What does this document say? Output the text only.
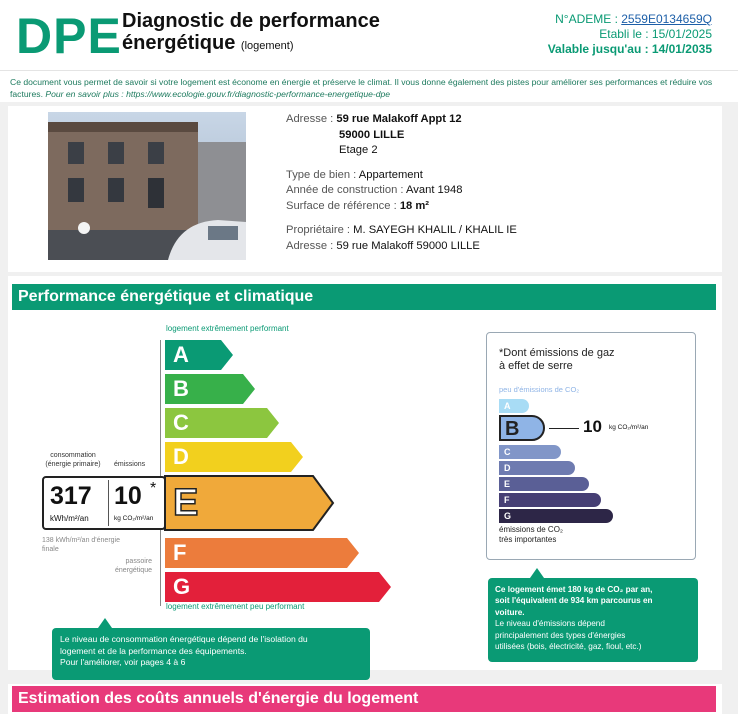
DPE Diagnostic de performance
énergétique (logement)
N°ADEME : 2559E0134659Q
Etabli le : 15/01/2025
Valable jusqu'au : 14/01/2035
Ce document vous permet de savoir si votre logement est économe en énergie et préserve le climat. Il vous donne également des pistes pour améliorer ses performances et réduire vos factures. Pour en savoir plus : https://www.ecologie.gouv.fr/diagnostic-performance-energetique-dpe
Adresse : 59 rue Malakoff Appt 12
59000 LILLE
Etage 2
Type de bien : Appartement
Année de construction : Avant 1948
Surface de référence : 18 m²
Propriétaire : M. SAYEGH KHALIL / KHALIL IE
Adresse : 59 rue Malakoff 59000 LILLE
Performance énergétique et climatique
logement extrêmement performant
A
B
C
D
E
F
G
consommation
(énergie primaire)	émissions
317
kWh/m²/an
10 *
kg CO₂/m²/an
138 kWh/m²/an d'énergie finale
passoire énergétique
logement extrêmement peu performant
Le niveau de consommation énergétique dépend de l'isolation du
logement et de la performance des équipements.
Pour l'améliorer, voir pages 4 à 6
*Dont émissions de gaz
à effet de serre
peu d'émissions de CO₂
A
B	10 kg CO₂/m²/an
C
D
E
F
G
émissions de CO₂
très importantes
Ce logement émet 180 kg de CO₂ par an,
soit l'équivalent de 934 km parcourus en
voiture.
Le niveau d'émissions dépend
principalement des types d'énergies
utilisées (bois, électricité, gaz, fioul, etc.)
Estimation des coûts annuels d'énergie du logement
